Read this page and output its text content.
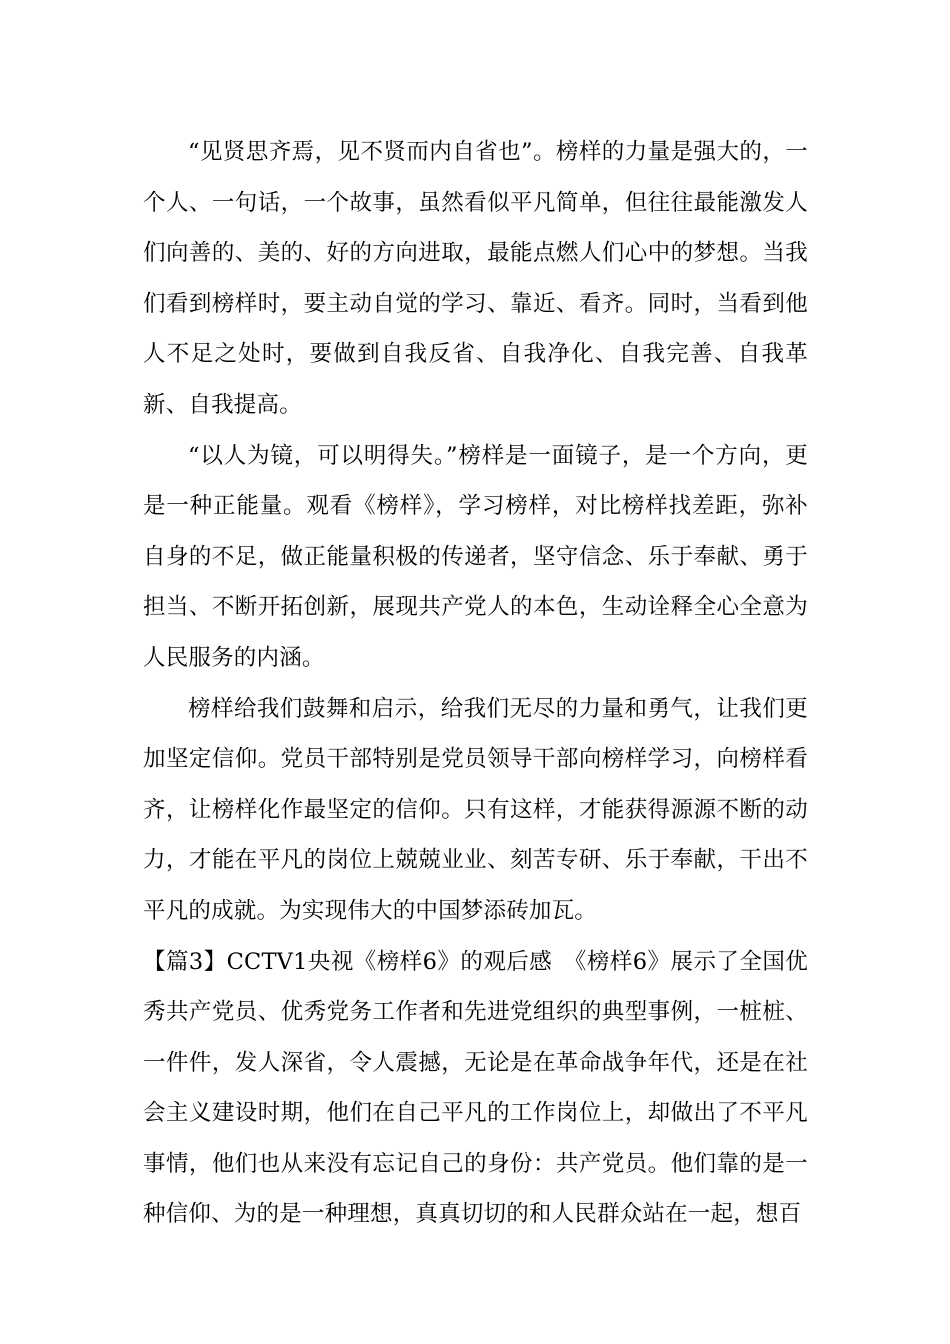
“见贤思齐焉，见不贤而内自省也”。榜样的力量是强大的，一个人、一句话，一个故事，虽然看似平凡简单，但往往最能激发人们向善的、美的、好的方向进取，最能点燃人们心中的梦想。当我们看到榜样时，要主动自觉的学习、靠近、看齐。同时，当看到他人不足之处时，要做到自我反省、自我净化、自我完善、自我革新、自我提高。

“以人为镜，可以明得失。”榜样是一面镜子，是一个方向，更是一种正能量。观看《榜样》，学习榜样，对比榜样找差距，弥补自身的不足，做正能量积极的传递者，坚守信念、乐于奉献、勇于担当、不断开拓创新，展现共产党人的本色，生动诠释全心全意为人民服务的内涵。

榜样给我们鼓舞和启示，给我们无尽的力量和勇气，让我们更加坚定信仰。党员干部特别是党员领导干部向榜样学习，向榜样看齐，让榜样化作最坚定的信仰。只有这样，才能获得源源不断的动力，才能在平凡的岗位上兢兢业业、刻苦专研、乐于奉献，干出不平凡的成就。为实现伟大的中国梦添砖加瓦。

【篇3】CCTV1央视《榜样6》的观后感　《榜样6》展示了全国优秀共产党员、优秀党务工作者和先进党组织的典型事例，一桩桩、一件件，发人深省，令人震撼，无论是在革命战争年代，还是在社会主义建设时期，他们在自己平凡的工作岗位上，却做出了不平凡事情，他们也从来没有忘记自己的身份：共产党员。他们靠的是一种信仰、为的是一种理想，真真切切的和人民群众站在一起，想百
